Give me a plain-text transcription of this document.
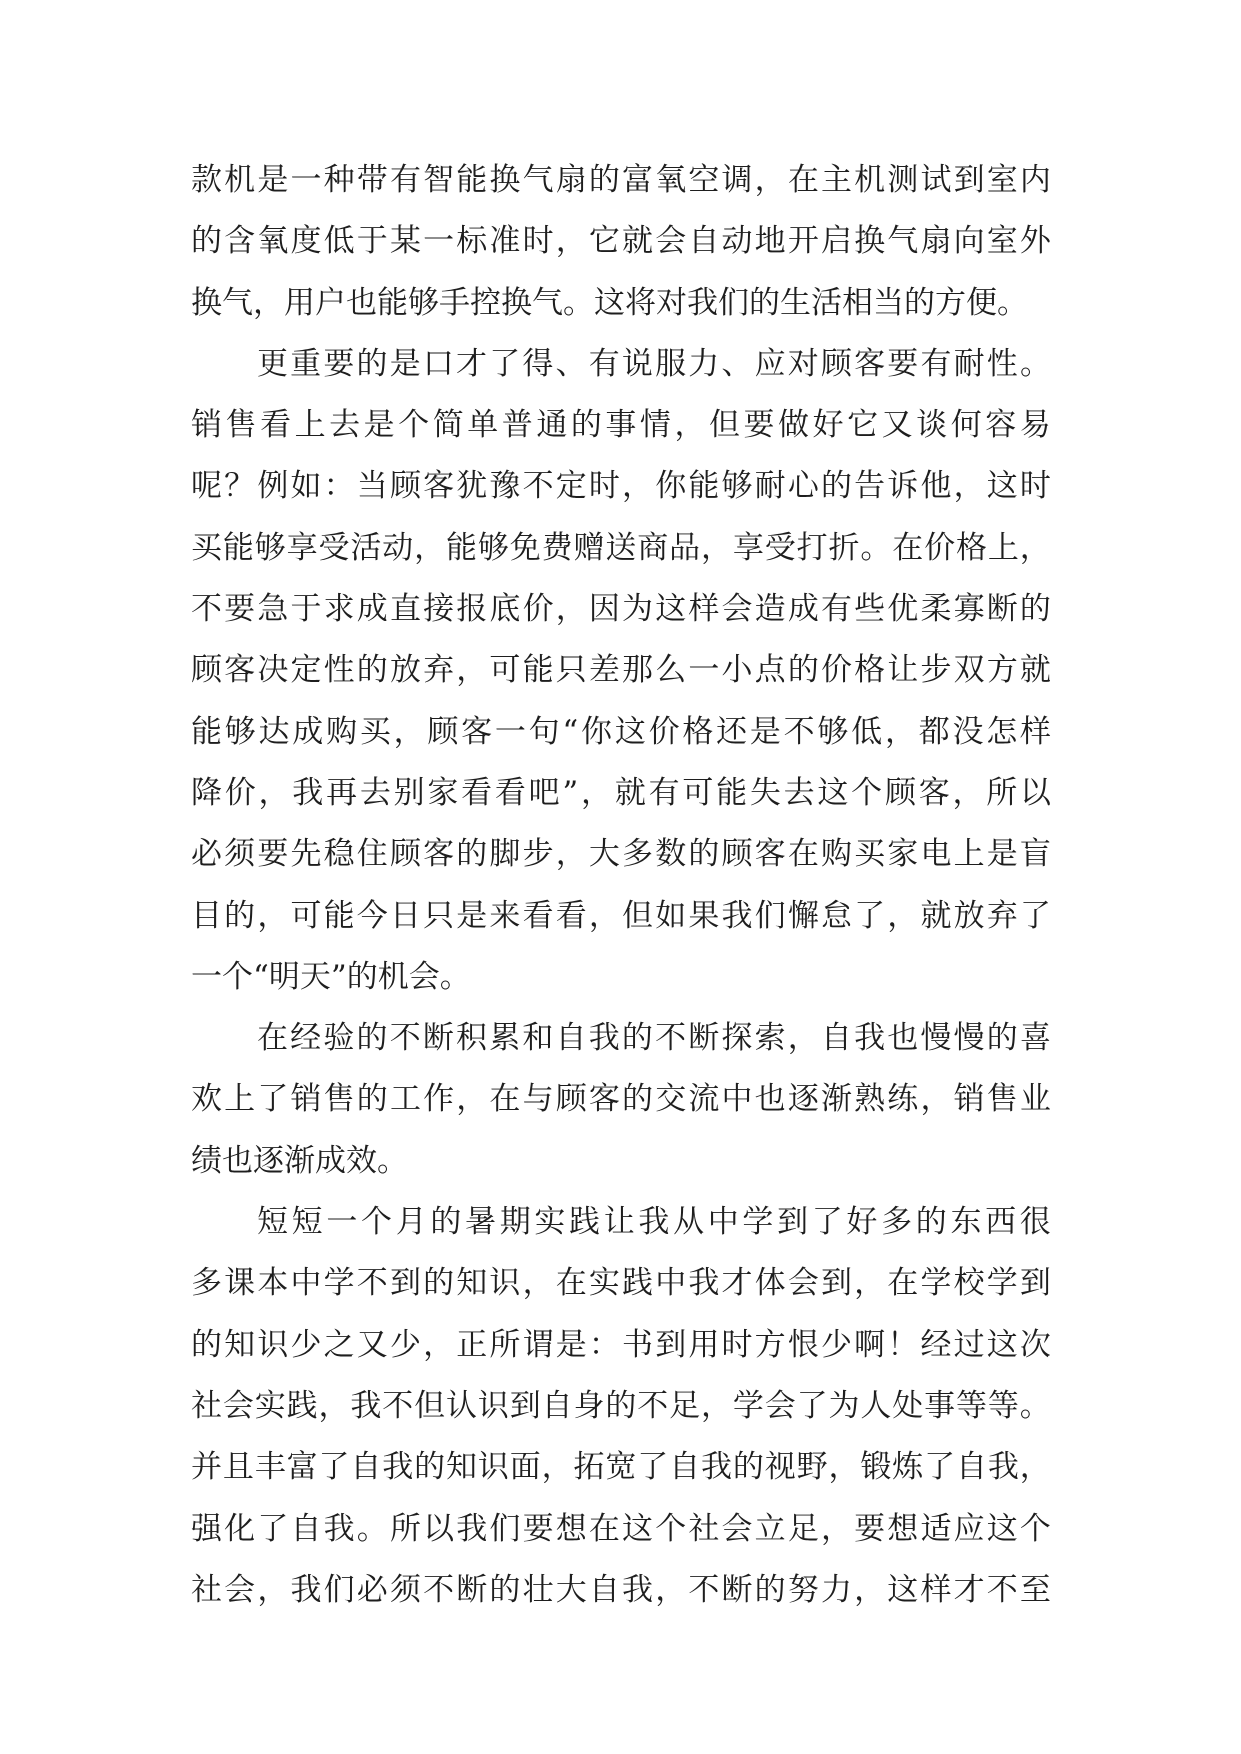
款 机 是 一 种 带 有 智 能 换 气 扇 的 富 氧 空 调 ， 在 主 机 测 试 到 室 内
的 含 氧 度 低 于 某 一 标 准 时 ， 它 就 会 自 动 地 开 启 换 气 扇 向 室 外
换气，用户也能够手控换气。这将对我们的生活相当的方便。
更 重 要 的 是 口 才 了 得 、 有 说 服 力 、 应 对 顾 客 要 有 耐 性 。
销 售 看 上 去 是 个 简 单 普 通 的 事 情 ， 但 要 做 好 它 又 谈 何 容 易
呢 ？ 例 如 ： 当 顾 客 犹 豫 不 定 时 ， 你 能 够 耐 心 的 告 诉 他 ， 这 时
买 能 够 享 受 活 动 ， 能 够 免 费 赠 送 商 品 ， 享 受 打 折 。 在 价 格 上 ，
不 要 急 于 求 成 直 接 报 底 价 ， 因 为 这 样 会 造 成 有 些 优 柔 寡 断 的
顾 客 决 定 性 的 放 弃 ， 可 能 只 差 那 么 一 小 点 的 价 格 让 步 双 方 就
能 够 达 成 购 买 ， 顾 客 一 句 “ 你 这 价 格 还 是 不 够 低 ， 都 没 怎 样
降 价 ， 我 再 去 别 家 看 看 吧 ” ， 就 有 可 能 失 去 这 个 顾 客 ， 所 以
必 须 要 先 稳 住 顾 客 的 脚 步 ， 大 多 数 的 顾 客 在 购 买 家 电 上 是 盲
目 的 ， 可 能 今 日 只 是 来 看 看 ， 但 如 果 我 们 懈 怠 了 ， 就 放 弃 了
一个“明天”的机会。
在 经 验 的 不 断 积 累 和 自 我 的 不 断 探 索 ， 自 我 也 慢 慢 的 喜
欢 上 了 销 售 的 工 作 ， 在 与 顾 客 的 交 流 中 也 逐 渐 熟 练 ， 销 售 业
绩也逐渐成效。
短 短 一 个 月 的 暑 期 实 践 让 我 从 中 学 到 了 好 多 的 东 西 很
多 课 本 中 学 不 到 的 知 识 ， 在 实 践 中 我 才 体 会 到 ， 在 学 校 学 到
的 知 识 少 之 又 少 ， 正 所 谓 是 ： 书 到 用 时 方 恨 少 啊 ！ 经 过 这 次
社 会 实 践 ， 我 不 但 认 识 到 自 身 的 不 足 ， 学 会 了 为 人 处 事 等 等 。
并 且 丰 富 了 自 我 的 知 识 面 ， 拓 宽 了 自 我 的 视 野 ， 锻 炼 了 自 我 ，
强 化 了 自 我 。 所 以 我 们 要 想 在 这 个 社 会 立 足 ， 要 想 适 应 这 个
社 会 ， 我 们 必 须 不 断 的 壮 大 自 我 ， 不 断 的 努 力 ， 这 样 才 不 至
